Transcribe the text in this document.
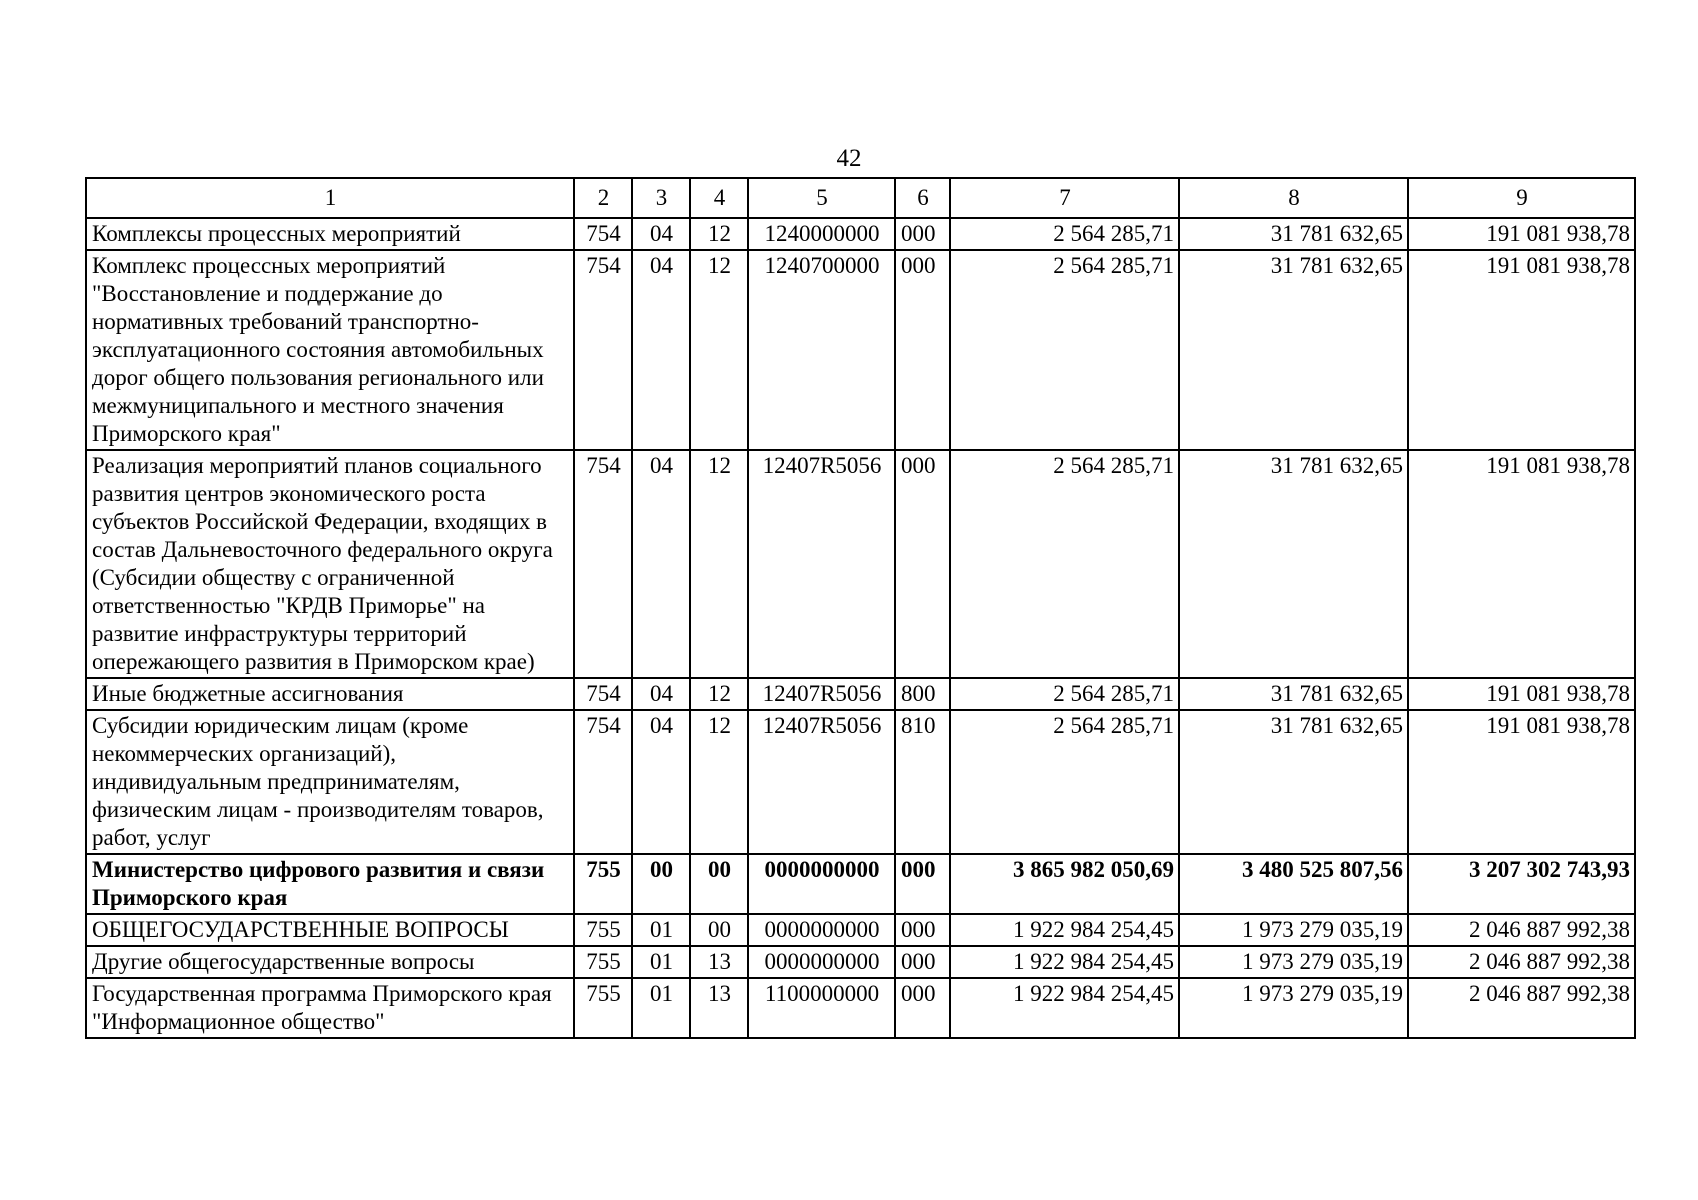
42
1	2	3	4	5	6	7	8	9
Комплексы процессных мероприятий	754	04	12	1240000000	000	2 564 285,71	31 781 632,65	191 081 938,78
Комплекс процессных мероприятий "Восстановление и поддержание до нормативных требований транспортно-эксплуатационного состояния автомобильных дорог общего пользования регионального или межмуниципального и местного значения Приморского края"	754	04	12	1240700000	000	2 564 285,71	31 781 632,65	191 081 938,78
Реализация мероприятий планов социального развития центров экономического роста субъектов Российской Федерации, входящих в состав Дальневосточного федерального округа (Субсидии обществу с ограниченной ответственностью "КРДВ Приморье" на развитие инфраструктуры территорий опережающего развития в Приморском крае)	754	04	12	12407R5056	000	2 564 285,71	31 781 632,65	191 081 938,78
Иные бюджетные ассигнования	754	04	12	12407R5056	800	2 564 285,71	31 781 632,65	191 081 938,78
Субсидии юридическим лицам (кроме некоммерческих организаций), индивидуальным предпринимателям, физическим лицам - производителям товаров, работ, услуг	754	04	12	12407R5056	810	2 564 285,71	31 781 632,65	191 081 938,78
Министерство цифрового развития и связи Приморского края	755	00	00	0000000000	000	3 865 982 050,69	3 480 525 807,56	3 207 302 743,93
ОБЩЕГОСУДАРСТВЕННЫЕ ВОПРОСЫ	755	01	00	0000000000	000	1 922 984 254,45	1 973 279 035,19	2 046 887 992,38
Другие общегосударственные вопросы	755	01	13	0000000000	000	1 922 984 254,45	1 973 279 035,19	2 046 887 992,38
Государственная программа Приморского края "Информационное общество"	755	01	13	1100000000	000	1 922 984 254,45	1 973 279 035,19	2 046 887 992,38
